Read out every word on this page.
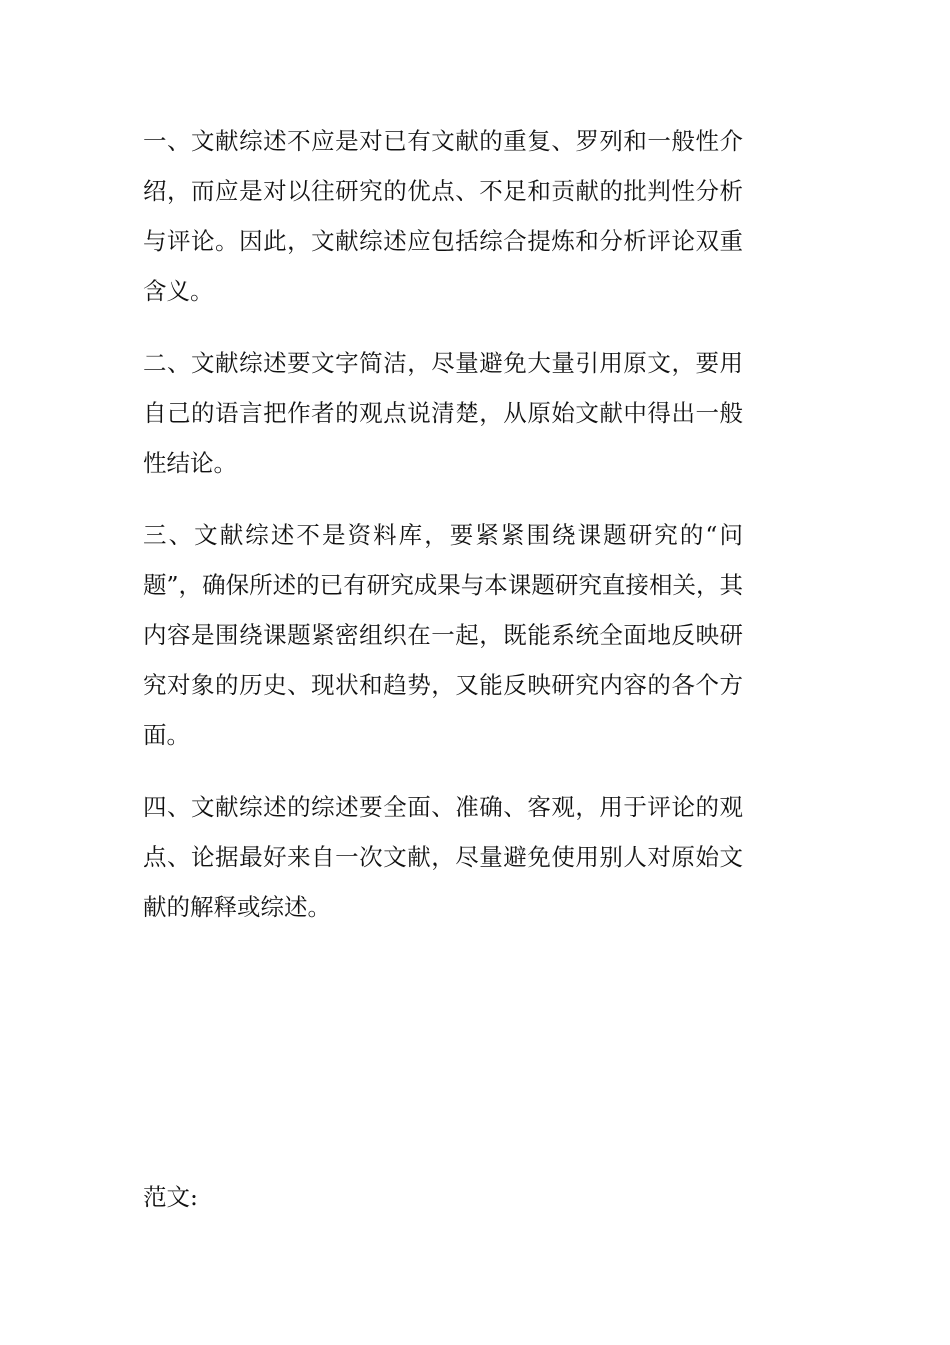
一、文献综述不应是对已有文献的重复、罗列和一般性介绍，而应是对以往研究的优点、不足和贡献的批判性分析与评论。因此，文献综述应包括综合提炼和分析评论双重含义。

二、文献综述要文字简洁，尽量避免大量引用原文，要用自己的语言把作者的观点说清楚，从原始文献中得出一般性结论。

三、文献综述不是资料库，要紧紧围绕课题研究的“问题”，确保所述的已有研究成果与本课题研究直接相关，其内容是围绕课题紧密组织在一起，既能系统全面地反映研究对象的历史、现状和趋势，又能反映研究内容的各个方面。

四、文献综述的综述要全面、准确、客观，用于评论的观点、论据最好来自一次文献，尽量避免使用别人对原始文献的解释或综述。

范文:
